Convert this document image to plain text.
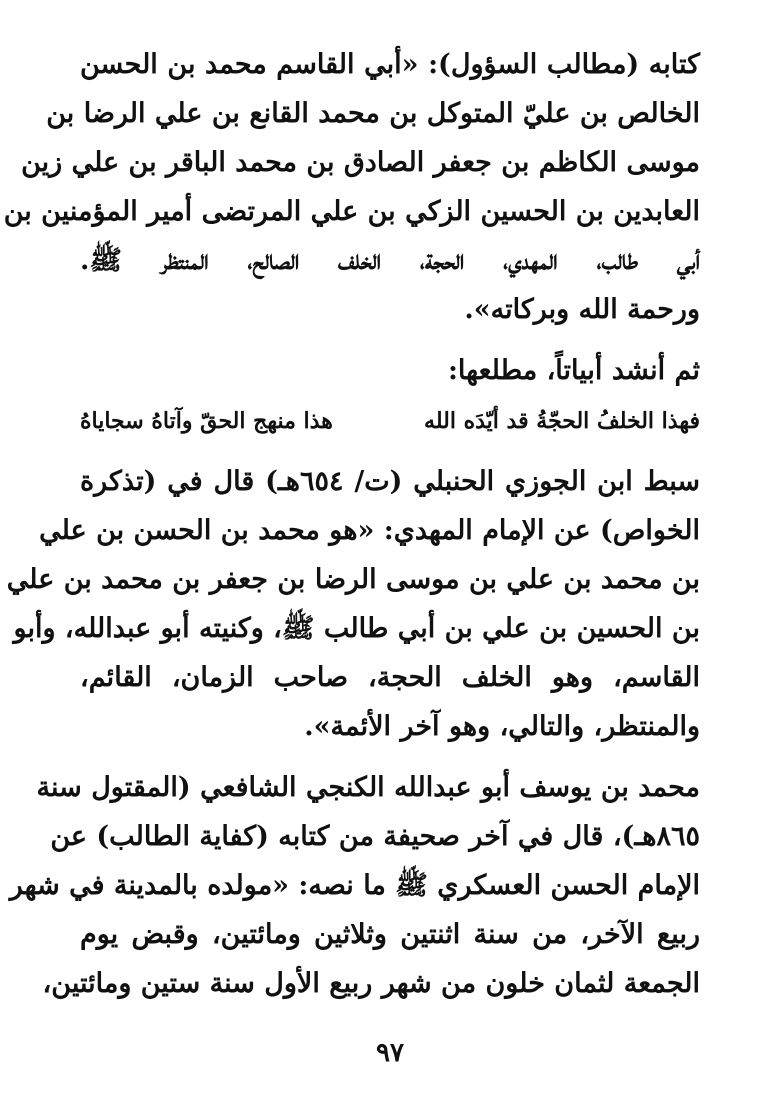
كتابه (مطالب السؤول): «أبي القاسم محمد بن الحسن
الخالص بن عليّ المتوكل بن محمد القانع بن علي الرضا بن
موسى الكاظم بن جعفر الصادق بن محمد الباقر بن علي زين
العابدين بن الحسين الزكي بن علي المرتضى أمير المؤمنين بن
أبي طالب، المهدي، الحجة، الخلف الصالح، المنتظر ﷺ.
ورحمة الله وبركاته».
ثم أنشد أبياتاً، مطلعها:
فهذا الخلفُ الحجّةُ قد أيّدَه الله
هذا منهج الحقّ وآتاهُ سجاياهُ
سبط ابن الجوزي الحنبلي (ت/ ٦٥٤هـ) قال في (تذكرة
الخواص) عن الإمام المهدي: «هو محمد بن الحسن بن علي
بن محمد بن علي بن موسى الرضا بن جعفر بن محمد بن علي
بن الحسين بن علي بن أبي طالب ﷺ، وكنيته أبو عبدالله، وأبو
القاسم، وهو الخلف الحجة، صاحب الزمان، القائم،
والمنتظر، والتالي، وهو آخر الأئمة».
محمد بن يوسف أبو عبدالله الكنجي الشافعي (المقتول سنة
٨٦٥هـ)، قال في آخر صحيفة من كتابه (كفاية الطالب) عن
الإمام الحسن العسكري ﷺ ما نصه: «مولده بالمدينة في شهر
ربيع الآخر، من سنة اثنتين وثلاثين ومائتين، وقبض يوم
الجمعة لثمان خلون من شهر ربيع الأول سنة ستين ومائتين،
٩٧
